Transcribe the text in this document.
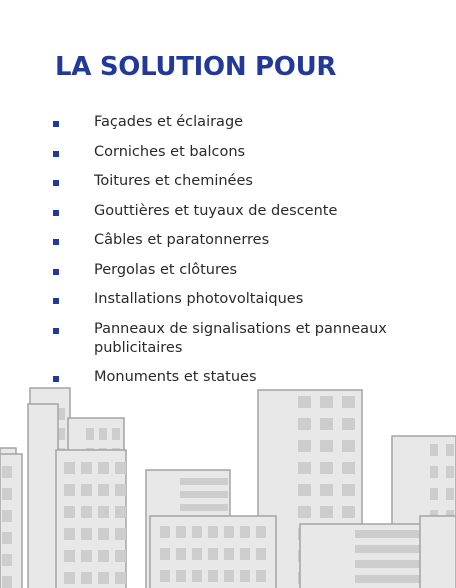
LA SOLUTION POUR
Façades et éclairage
Corniches et balcons
Toitures et cheminées
Gouttières et tuyaux de descente
Câbles et paratonnerres
Pergolas et clôtures
Installations photovoltaiques
Panneaux de signalisations et panneaux publicitaires
Monuments et statues
